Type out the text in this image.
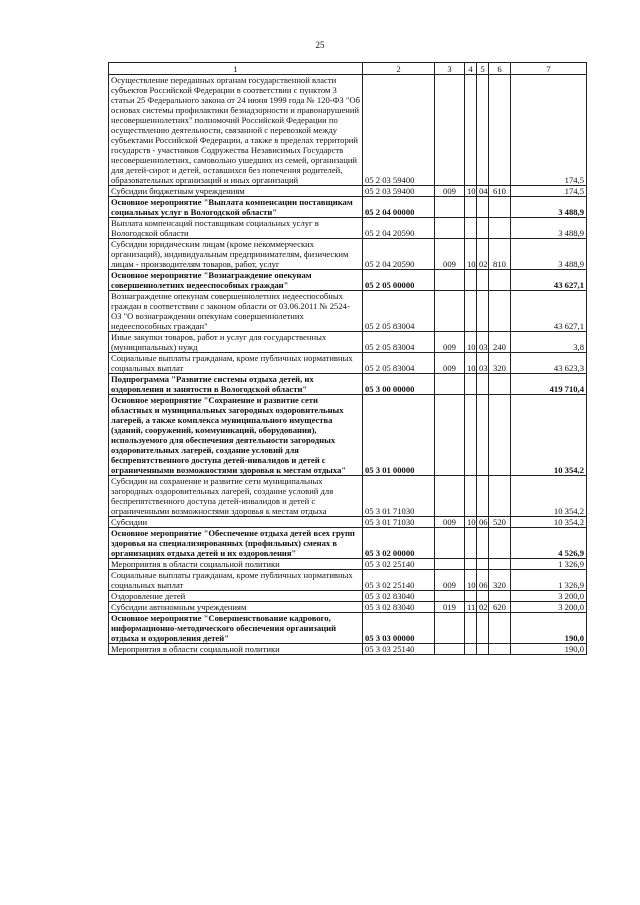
25
1	2	3	4	5	6	7
Осуществление переданных органам государственной власти субъектов Российской Федерации в соответствии с пунктом 3 статьи 25 Федерального закона от 24 июня 1999 года № 120-ФЗ "Об основах системы профилактики безнадзорности и правонарушений несовершеннолетних" полномочий Российской Федерации по осуществлению деятельности, связанной с перевозкой между субъектами Российской Федерации, а также в пределах территорий государств - участников Содружества Независимых Государств несовершеннолетних, самовольно ушедших из семей, организаций для детей-сирот и детей, оставшихся без попечения родителей, образовательных организаций и иных организаций	05 2 03 59400					174,5
Субсидии бюджетным учреждениям	05 2 03 59400	009	10	04	610	174,5
Основное мероприятие "Выплата компенсации поставщикам социальных услуг в Вологодской области"	05 2 04 00000					3 488,9
Выплата компенсаций поставщикам социальных услуг в Вологодской области	05 2 04 20590					3 488,9
Субсидии юридическим лицам (кроме некоммерческих организаций), индивидуальным предпринимателям, физическим лицам - производителям товаров, работ, услуг	05 2 04 20590	009	10	02	810	3 488,9
Основное мероприятие "Вознаграждение опекунам совершеннолетних недееспособных граждан"	05 2 05 00000					43 627,1
Вознаграждение опекунам совершеннолетних недееспособных граждан в соответствии с законом области от 03.06.2011 № 2524-ОЗ "О вознаграждении опекунам совершеннолетних недееспособных граждан"	05 2 05 83004					43 627,1
Иные закупки товаров, работ и услуг для государственных (муниципальных) нужд	05 2 05 83004	009	10	03	240	3,8
Социальные выплаты гражданам, кроме публичных нормативных социальных выплат	05 2 05 83004	009	10	03	320	43 623,3
Подпрограмма "Развитие системы отдыха детей, их оздоровления и занятости в Вологодской области"	05 3 00 00000					419 710,4
Основное мероприятие "Сохранение и развитие сети областных и муниципальных загородных оздоровительных лагерей, а также комплекса муниципального имущества (зданий, сооружений, коммуникаций, оборудования), используемого для обеспечения деятельности загородных оздоровительных лагерей, создание условий для беспрепятственного доступа детей-инвалидов и детей с ограниченными возможностями здоровья к местам отдыха"	05 3 01 00000					10 354,2
Субсидии на сохранение и развитие сети муниципальных загородных оздоровительных лагерей, создание условий для беспрепятственного доступа детей-инвалидов и детей с ограниченными возможностями здоровья к местам отдыха	05 3 01 71030					10 354,2
Субсидии	05 3 01 71030	009	10	06	520	10 354,2
Основное мероприятие "Обеспечение отдыха детей всех групп здоровья на специализированных (профильных) сменах в организациях отдыха детей и их оздоровления"	05 3 02 00000					4 526,9
Мероприятия в области социальной политики	05 3 02 25140					1 326,9
Социальные выплаты гражданам, кроме публичных нормативных социальных выплат	05 3 02 25140	009	10	06	320	1 326,9
Оздоровление детей	05 3 02 83040					3 200,0
Субсидии автономным учреждениям	05 3 02 83040	019	11	02	620	3 200,0
Основное мероприятие "Совершенствование кадрового, информационно-методического обеспечения организаций отдыха и оздоровления детей"	05 3 03 00000					190,0
Мероприятия в области социальной политики	05 3 03 25140					190,0
